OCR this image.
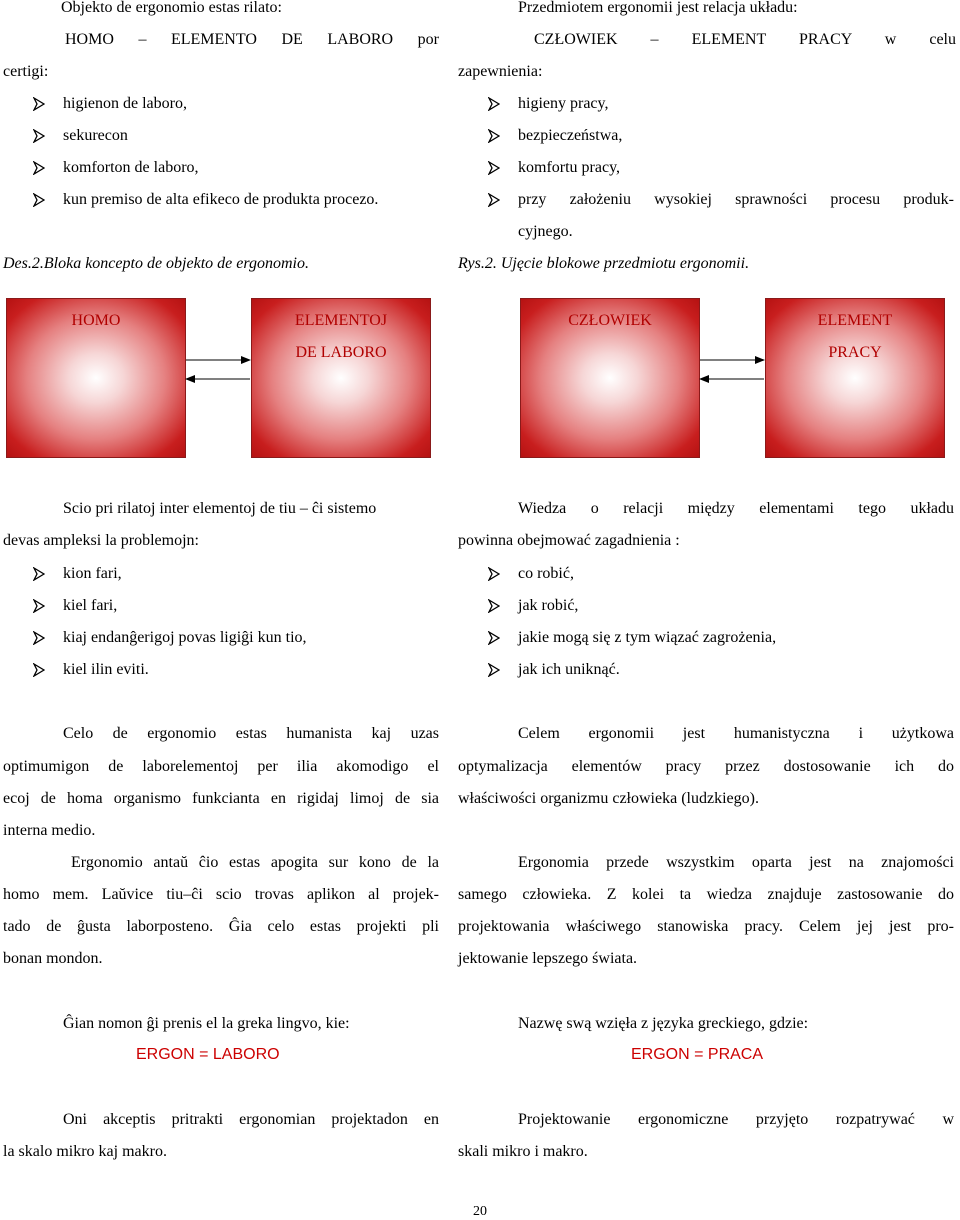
Objekto de ergonomio estas rilato:
HOMO – ELEMENTO DE LABORO por
certigi:
higienon de laboro,
sekurecon
komforton de laboro,
kun premiso de alta efikeco de produkta procezo.
Des.2.Bloka koncepto de objekto de ergonomio.
Scio pri rilatoj inter elementoj de tiu – ĉi sistemo
devas ampleksi la problemojn:
kion fari,
kiel fari,
kiaj endanĝerigoj povas ligiĝi kun tio,
kiel ilin eviti.
Celo de ergonomio estas humanista kaj uzas
optimumigon de laborelementoj per ilia akomodigo el
ecoj de homa organismo funkcianta en rigidaj limoj de sia
interna medio.
Ergonomio antaŭ ĉio estas apogita sur kono de la
homo mem. Laŭvice tiu–ĉi scio trovas aplikon al projek-
tado de ĝusta laborposteno. Ĝia celo estas projekti pli
bonan mondon.
Ĝian nomon ĝi prenis el la greka lingvo, kie:
ERGON = LABORO
Oni akceptis pritrakti ergonomian projektadon en
la skalo mikro kaj makro.
Przedmiotem ergonomii jest relacja układu:
CZŁOWIEK – ELEMENT PRACY w celu
zapewnienia:
higieny pracy,
bezpieczeństwa,
komfortu pracy,
przy założeniu wysokiej sprawności procesu produk-
cyjnego.
Rys.2. Ujęcie blokowe przedmiotu ergonomii.
Wiedza o relacji między elementami tego układu
powinna obejmować zagadnienia :
co robić,
jak robić,
jakie mogą się z tym wiązać zagrożenia,
jak ich uniknąć.
Celem ergonomii jest humanistyczna i użytkowa
optymalizacja elementów pracy przez dostosowanie ich do
właściwości organizmu człowieka (ludzkiego).
Ergonomia przede wszystkim oparta jest na znajomości
samego człowieka. Z kolei ta wiedza znajduje zastosowanie do
projektowania właściwego stanowiska pracy. Celem jej jest pro-
jektowanie lepszego świata.
Nazwę swą wzięła z języka greckiego, gdzie:
ERGON = PRACA
Projektowanie ergonomiczne przyjęto rozpatrywać w
skali mikro i makro.
HOMO	ELEMENTOJ
DE LABORO
CZŁOWIEK	ELEMENT
PRACY
20
